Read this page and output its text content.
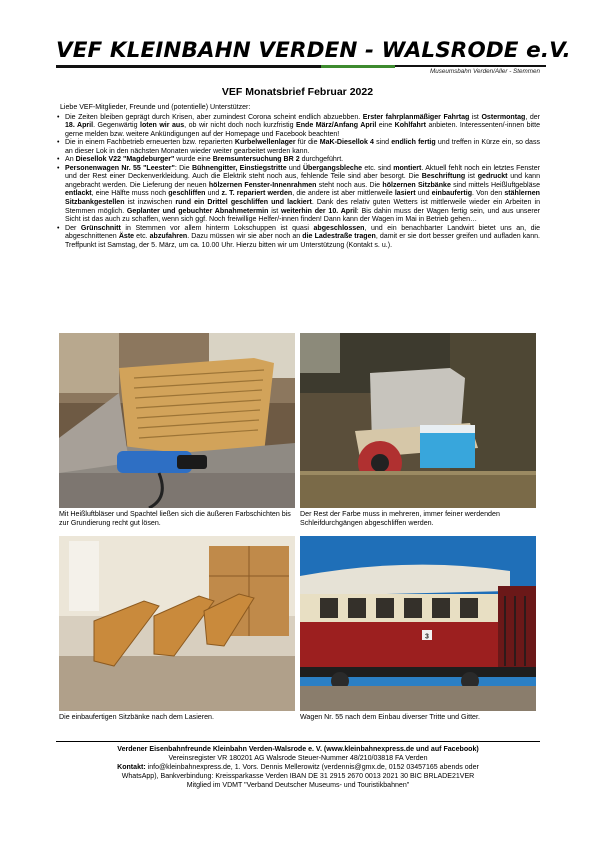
VEF KLEINBAHN VERDEN - WALSRODE e.V.
Museumsbahn Verden/Aller - Stemmen
VEF Monatsbrief Februar 2022
Liebe VEF-Mitglieder, Freunde und (potentielle) Unterstützer:
• Die Zeiten bleiben geprägt durch Krisen, aber zumindest Corona scheint endlich abzuebben. Erster fahrplanmäßiger Fahrtag ist Ostermontag, der 18. April. Gegenwärtig loten wir aus, ob wir nicht doch noch kurzfristig Ende März/Anfang April eine Kohlfahrt anbieten. Interessenten/-innen bitte gerne melden bzw. weitere Ankündigungen auf der Homepage und Facebook beachten!
• Die in einem Fachbetrieb erneuerten bzw. reparierten Kurbelwellenlager für die MaK-Diesellok 4 sind endlich fertig und treffen in Kürze ein, so dass an dieser Lok in den nächsten Monaten wieder weiter gearbeitet werden kann.
• An Diesellok V22 "Magdeburger" wurde eine Bremsuntersuchung BR 2 durchgeführt.
• Personenwagen Nr. 55 "Leester": Die Bühnengitter, Einstiegstritte und Übergangsbleche etc. sind montiert. Aktuell fehlt noch ein letztes Fenster und der Rest einer Deckenverkleidung. Auch die Elektrik steht noch aus, fehlende Teile sind aber besorgt. Die Beschriftung ist gedruckt und kann angebracht werden. Die Lieferung der neuen hölzernen Fenster-Innenrahmen steht noch aus. Die hölzernen Sitzbänke sind mittels Heißluftgebläse entlackt, eine Hälfte muss noch geschliffen und z. T. repariert werden, die andere ist aber mittlerweile lasiert und einbaufertig. Von den stählernen Sitzbankgestellen ist inzwischen rund ein Drittel geschliffen und lackiert. Dank des relativ guten Wetters ist mittlerweile wieder ein Arbeiten in Stemmen möglich. Geplanter und gebuchter Abnahmetermin ist weiterhin der 10. April: Bis dahin muss der Wagen fertig sein, und aus unserer Sicht ist das auch zu schaffen, wenn sich ggf. Noch freiwillige Helfer/-innen finden! Dann kann der Wagen im Mai in Betrieb gehen…
• Der Grünschnitt in Stemmen vor allem hinterm Lokschuppen ist quasi abgeschlossen, und ein benachbarter Landwirt bietet uns an, die abgeschnittenen Äste etc. abzufahren. Dazu müssen wir sie aber noch an die Ladestraße tragen, damit er sie dort besser greifen und aufladen kann. Treffpunkt ist Samstag, der 5. März, um ca. 10.00 Uhr. Hierzu bitten wir um Unterstützung (Kontakt s. u.).
Mit Heißluftbläser und Spachtel ließen sich die äußeren Farbschichten bis zur Grundierung recht gut lösen.
Der Rest der Farbe muss in mehreren, immer feiner werdenden Schleifdurchgängen abgeschliffen werden.
Die einbaufertigen Sitzbänke nach dem Lasieren.
3
Wagen Nr. 55 nach dem Einbau diverser Tritte und Gitter.
Verdener Eisenbahnfreunde Kleinbahn Verden-Walsrode e. V. (www.kleinbahnexpress.de und auf Facebook)
Vereinsregister VR 180201 AG Walsrode Steuer-Nummer 48/210/03818 FA Verden
Kontakt: info@kleinbahnexpress.de, 1. Vors. Dennis Mellerowitz (verdennis@gmx.de, 0152 03457165 abends oder
WhatsApp), Bankverbindung: Kreissparkasse Verden IBAN DE 31 2915 2670 0013 2021 30 BIC BRLADE21VER
Mitglied im VDMT "Verband Deutscher Museums- und Touristikbahnen"
